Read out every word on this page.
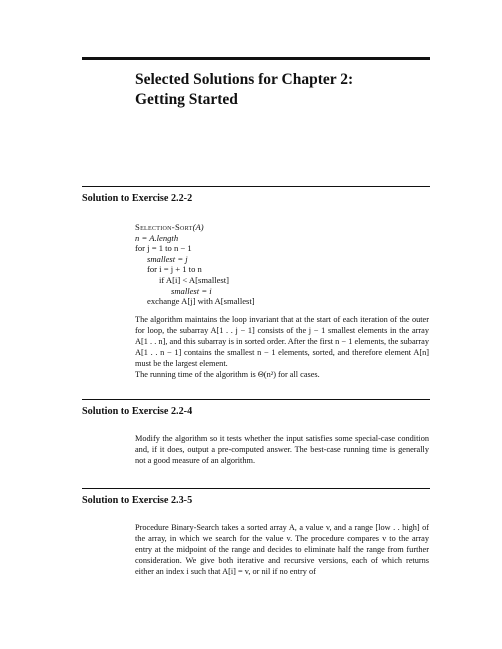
Selected Solutions for Chapter 2:
Getting Started
Solution to Exercise 2.2-2
Selection-Sort(A)
n = A.length
for j = 1 to n − 1
smallest = j
for i = j + 1 to n
if A[i] < A[smallest]
smallest = i
exchange A[j] with A[smallest]

The algorithm maintains the loop invariant that at the start of each iteration of the outer for loop, the subarray A[1 . . j − 1] consists of the j − 1 smallest elements in the array A[1 . . n], and this subarray is in sorted order. After the first n − 1 elements, the subarray A[1 . . n − 1] contains the smallest n − 1 elements, sorted, and therefore element A[n] must be the largest element.

The running time of the algorithm is Θ(n²) for all cases.

Solution to Exercise 2.2-4

Modify the algorithm so it tests whether the input satisfies some special-case condition and, if it does, output a pre-computed answer. The best-case running time is generally not a good measure of an algorithm.

Solution to Exercise 2.3-5

Procedure Binary-Search takes a sorted array A, a value v, and a range [low . . high] of the array, in which we search for the value v. The procedure compares v to the array entry at the midpoint of the range and decides to eliminate half the range from further consideration. We give both iterative and recursive versions, each of which returns either an index i such that A[i] = v, or nil if no entry of
